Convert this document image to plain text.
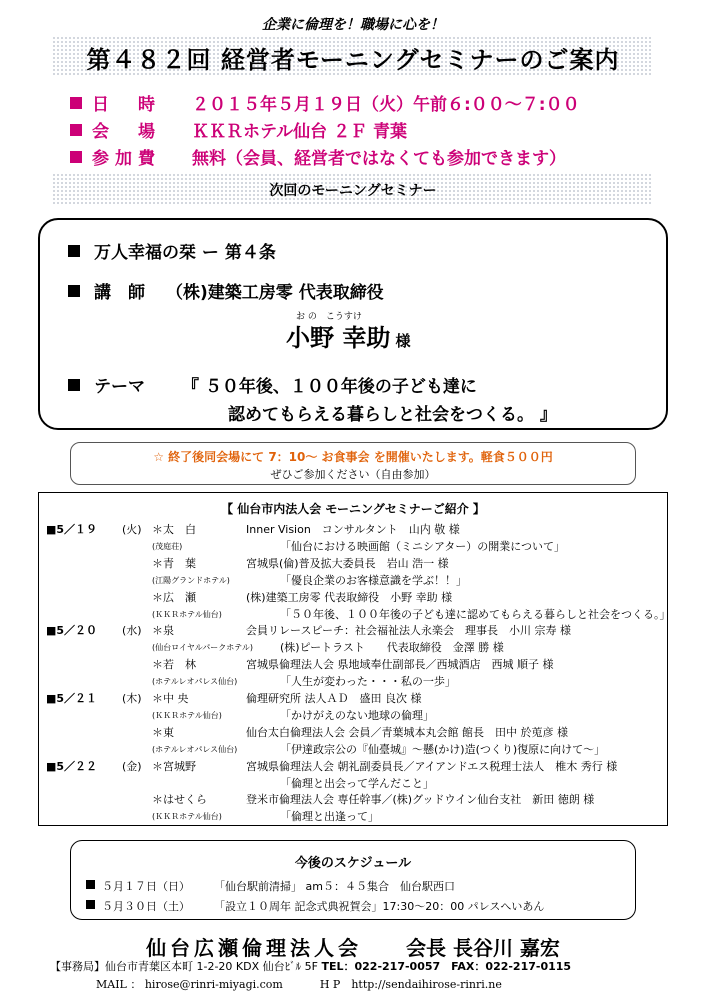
企業に倫理を！職場に心を！
第４８２回 経営者モーニングセミナーのご案内
日　時 ２０１５年５月１９日（火）午前６:００～７:００
会　場 ＫＫＲホテル仙台 ２Ｆ 青葉
参加費 無料（会員、経営者ではなくても参加できます）
次回のモーニングセミナー
万人幸福の栞 ー 第４条
講　師 （株)建築工房零 代表取締役
お の　こうすけ
小野 幸助 様
テーマ 『 ５０年後、１００年後の子ども達に
認めてもらえる暮らしと社会をつくる。 』
☆ 終了後同会場にて 7：10～ お食事会 を開催いたします。軽食５００円
ぜひご参加ください（自由参加）
【 仙台市内法人会 モーニングセミナーご紹介 】
■5／１９ (火) ＊太　白	Inner Vision　コンサルタント　山内 敬 様
(茂庭荘)	「仙台における映画館（ミニシアター）の開業について」
＊青　葉	宮城県(倫)普及拡大委員長　岩山 浩一 様
(江陽グランドホテル)	「優良企業のお客様意識を学ぶ！！」
＊広　瀬	(株)建築工房零 代表取締役　小野 幸助 様
(ＫＫＲホテル仙台)	「５０年後、１００年後の子ども達に認めてもらえる暮らしと社会をつくる。」
■5／２０ (水) ＊泉	会員リレースピーチ：社会福祉法人永楽会　理事長　小川 宗寿 様
(仙台ロイヤルパークホテル) (株)ピートラスト　　代表取締役　金澤 勝 様
＊若　林	宮城県倫理法人会 県地域奉仕副部長／西城酒店　西城 順子 様
(ホテルレオパレス仙台)	「人生が変わった・・・私の一歩」
■5／２１ (木) ＊中 央	倫理研究所 法人ＡＤ　盛田 良次 様
(ＫＫＲホテル仙台)	「かけがえのない地球の倫理」
＊東	仙台太白倫理法人会 会員／青葉城本丸会館 館長　田中 於莵彦 様
(ホテルレオパレス仙台)	「伊達政宗公の『仙臺城』～懸(かけ)造(つくり)復原に向けて～」
■5／２２ (金) ＊宮城野	宮城県倫理法人会 朝礼副委員長／アイアンドエス税理士法人　椎木 秀行 様
「倫理と出会って学んだこと」
＊はせくら	登米市倫理法人会 専任幹事／(株)グッドウイン仙台支社　新田 徳朗 様
(ＫＫＲホテル仙台)	「倫理と出逢って」
今後のスケジュール
５月１７日（日） 「仙台駅前清掃」 am５：４５集合　仙台駅西口
５月３０日（土） 「設立１０周年 記念式典祝賀会」17:30～20：00 パレスへいあん
仙台広瀬倫理法人会 会長 長谷川 嘉宏
【事務局】仙台市青葉区本町 1-2-20 KDX 仙台ﾋﾞﾙ 5F TEL：022-217-0057　FAX：022-217-0115
MAIL ： hirose@rinri-miyagi.com	H P　http://sendaihirose-rinri.ne
